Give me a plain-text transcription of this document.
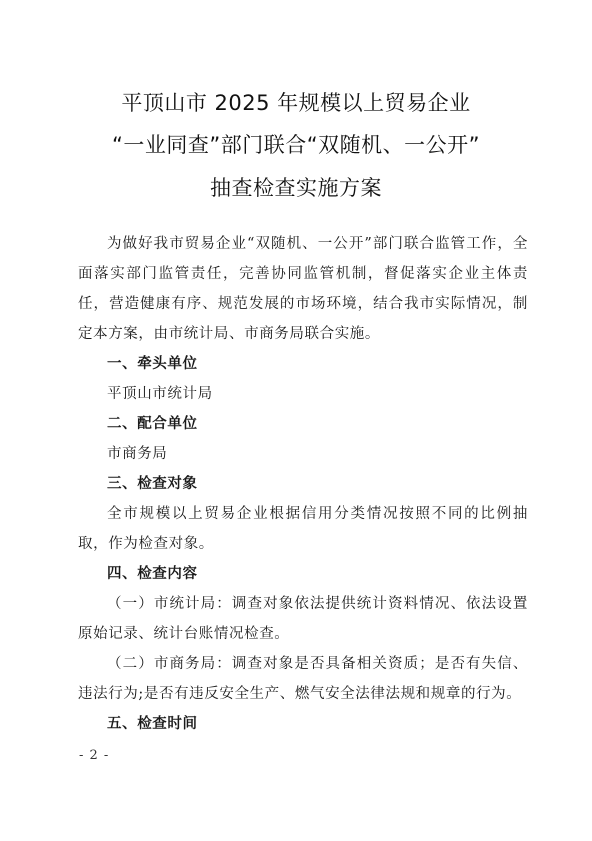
平顶山市 2025 年规模以上贸易企业
“一业同查”部门联合“双随机、一公开”
抽查检查实施方案

为做好我市贸易企业“双随机、一公开”部门联合监管工作，全面落实部门监管责任，完善协同监管机制，督促落实企业主体责任，营造健康有序、规范发展的市场环境，结合我市实际情况，制定本方案，由市统计局、市商务局联合实施。

一、牵头单位

平顶山市统计局

二、配合单位

市商务局

三、检查对象

全市规模以上贸易企业根据信用分类情况按照不同的比例抽取，作为检查对象。

四、检查内容

（一）市统计局：调查对象依法提供统计资料情况、依法设置原始记录、统计台账情况检查。

（二）市商务局：调查对象是否具备相关资质；是否有失信、违法行为;是否有违反安全生产、燃气安全法律法规和规章的行为。

五、检查时间

- 2 -
